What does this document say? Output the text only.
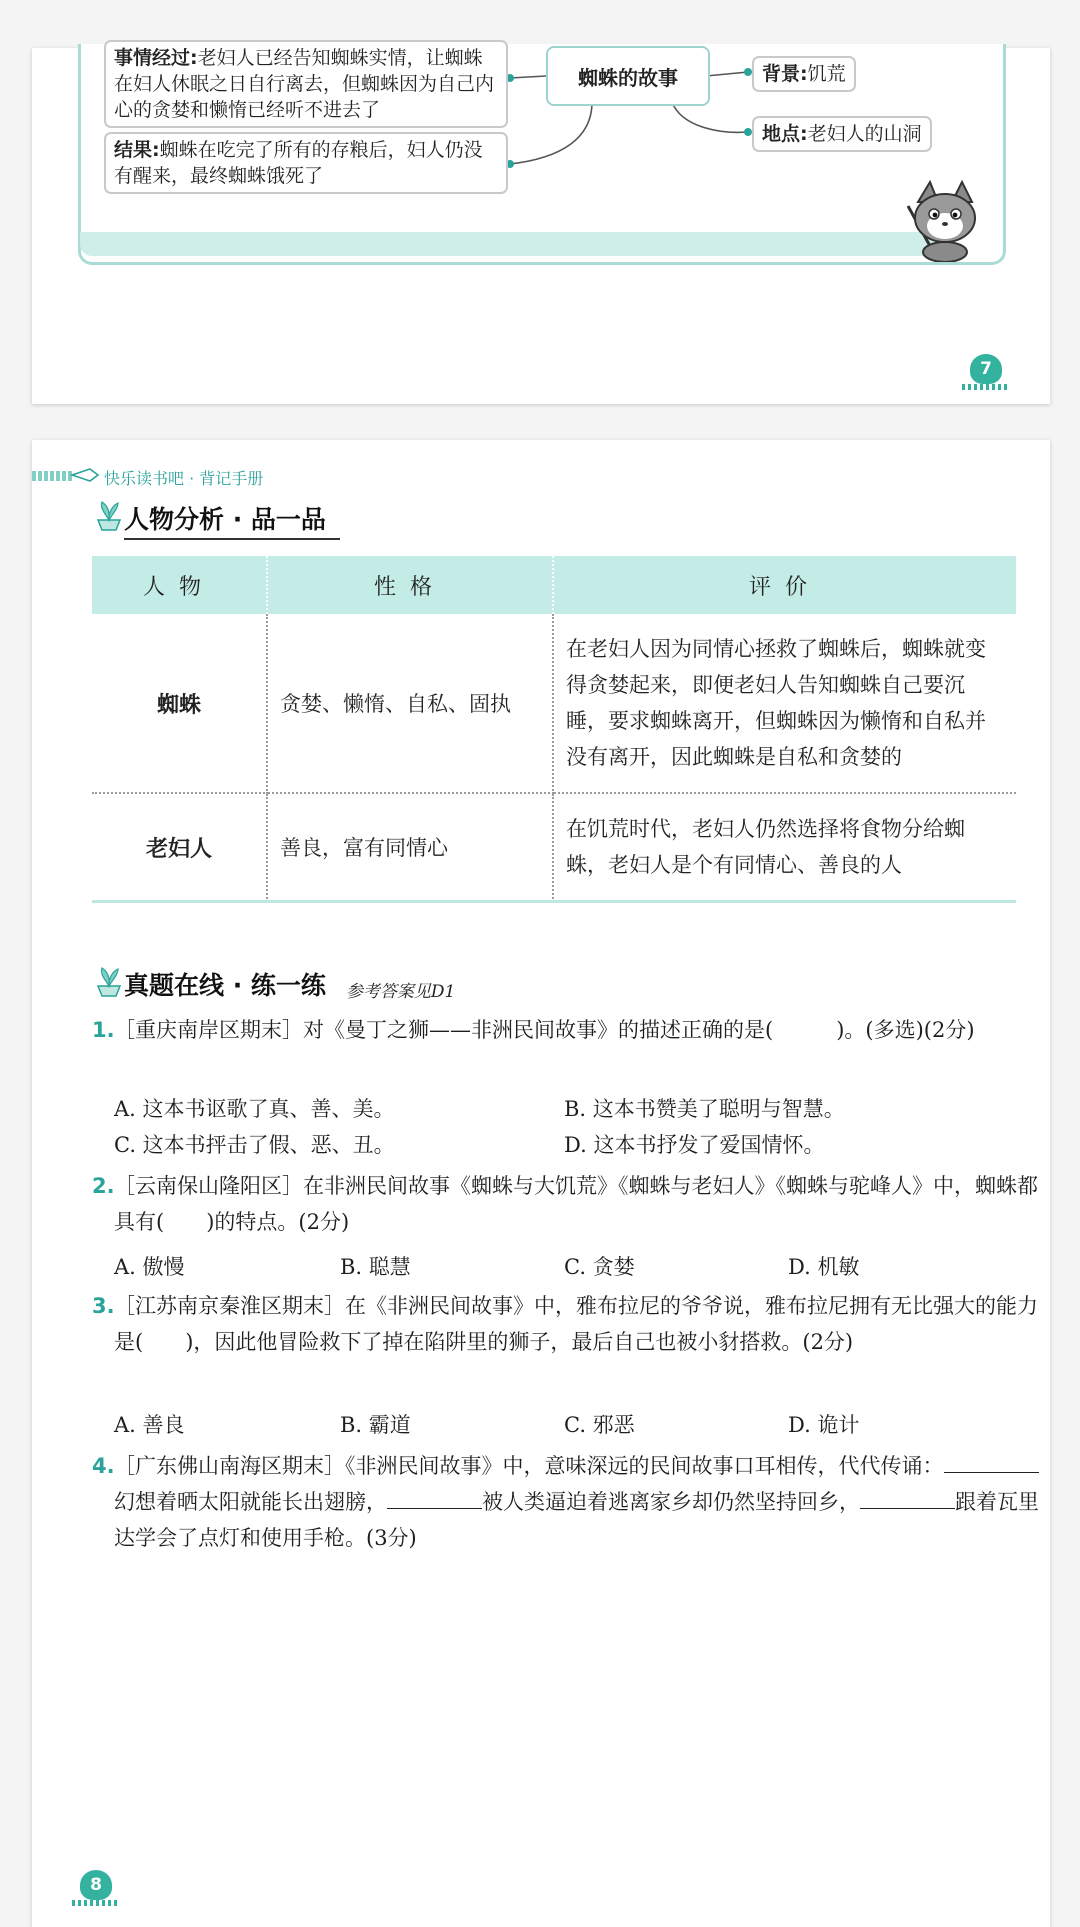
事情经过:老妇人已经告知蜘蛛实情，让蜘蛛在妇人休眠之日自行离去，但蜘蛛因为自己内心的贪婪和懒惰已经听不进去了
结果:蜘蛛在吃完了所有的存粮后，妇人仍没有醒来，最终蜘蛛饿死了
蜘蛛的故事	背景:饥荒
地点:老妇人的山洞
7
快乐读书吧 · 背记手册
人物分析 · 品一品
人物	性格	评价
蜘蛛	贪婪、懒惰、自私、固执	在老妇人因为同情心拯救了蜘蛛后，蜘蛛就变得贪婪起来，即便老妇人告知蜘蛛自己要沉睡，要求蜘蛛离开，但蜘蛛因为懒惰和自私并没有离开，因此蜘蛛是自私和贪婪的
老妇人	善良，富有同情心	在饥荒时代，老妇人仍然选择将食物分给蜘蛛，老妇人是个有同情心、善良的人
真题在线 · 练一练 参考答案见D1
1. ［重庆南岸区期末］对《曼丁之狮——非洲民间故事》的描述正确的是(　　　)。(多选)(2分)
A. 这本书讴歌了真、善、美。	B. 这本书赞美了聪明与智慧。
C. 这本书抨击了假、恶、丑。	D. 这本书抒发了爱国情怀。
2. ［云南保山隆阳区］在非洲民间故事《蜘蛛与大饥荒》《蜘蛛与老妇人》《蜘蛛与驼峰人》中，蜘蛛都具有(　　)的特点。(2分)
A. 傲慢	B. 聪慧	C. 贪婪	D. 机敏
3. ［江苏南京秦淮区期末］在《非洲民间故事》中，雅布拉尼的爷爷说，雅布拉尼拥有无比强大的能力是(　　)，因此他冒险救下了掉在陷阱里的狮子，最后自己也被小豺搭救。(2分)
A. 善良	B. 霸道	C. 邪恶	D. 诡计
4. ［广东佛山南海区期末］《非洲民间故事》中，意味深远的民间故事口耳相传，代代传诵：幻想着晒太阳就能长出翅膀，	被人类逼迫着逃离家乡却仍然坚持回乡，	跟着瓦里达学会了点灯和使用手枪。(3分)
8
